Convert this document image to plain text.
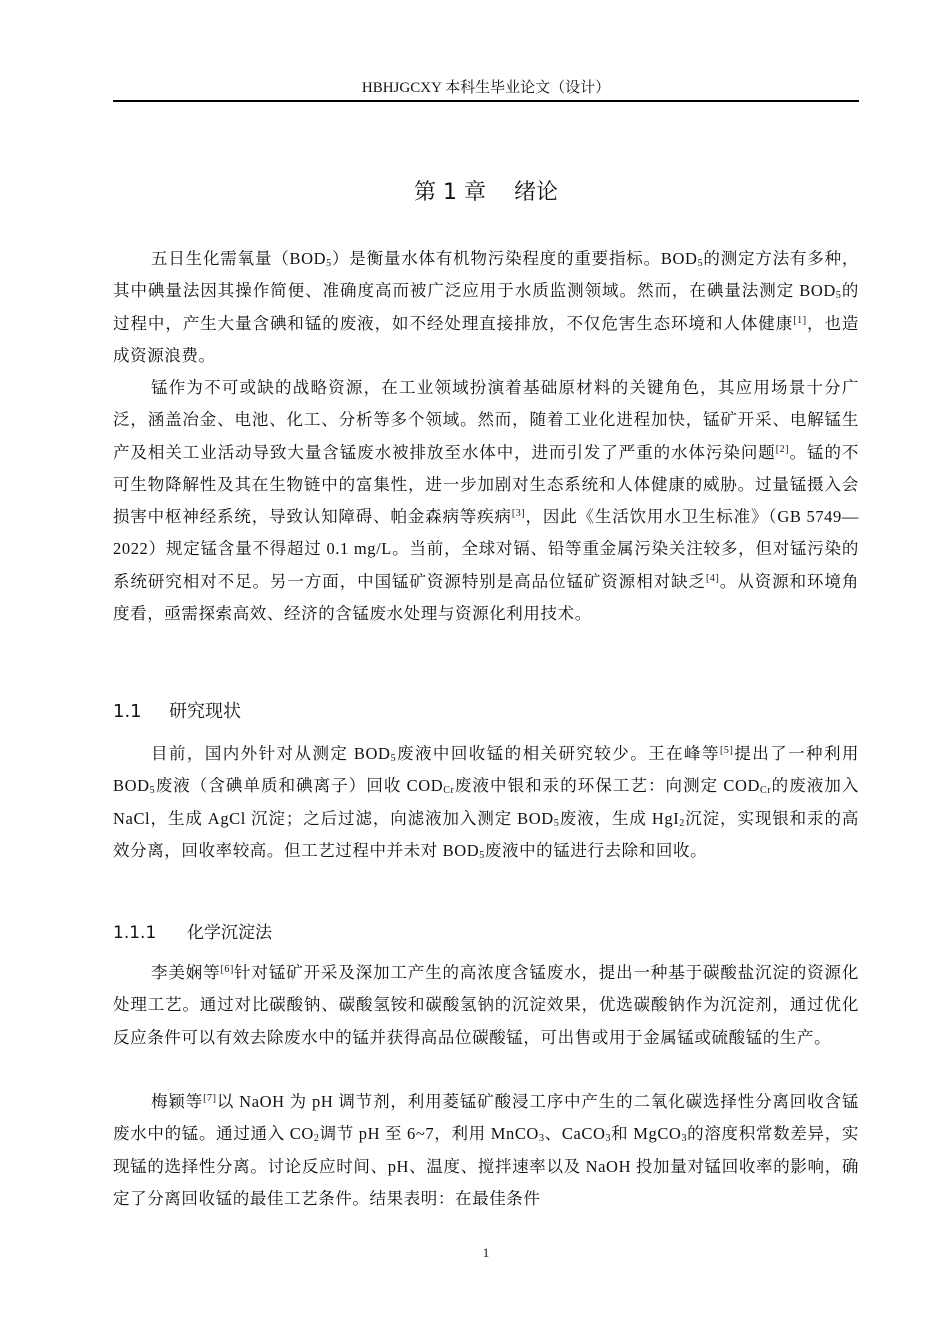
HBHJGCXY 本科生毕业论文（设计）
第 1 章 绪论

五日生化需氧量$(BOD_5)$是衡量水体有机物污染程度的重要指标。$BOD_5$的测定方法有多种，其中碘量法因其操作简便、准确度高而被广泛应用于水质监测领域。然而，在碘量法测定 $BOD_5$的过程中，产生大量含碘和锰的废液，如不经处理直接排放，不仅危害生态环境和人体健康[1]，也造成资源浪费。

锰作为不可或缺的战略资源，在工业领域扮演着基础原材料的关键角色，其应用场景十分广泛，涵盖冶金、电池、化工、分析等多个领域。然而，随着工业化进程加快，锰矿开采、电解锰生产及相关工业活动导致大量含锰废水被排放至水体中，进而引发了严重的水体污染问题[2]。锰的不可生物降解性及其在生物链中的富集性，进一步加剧对生态系统和人体健康的威胁。过量锰摄入会损害中枢神经系统，导致认知障碍、帕金森病等疾病[3]，因此《生活饮用水卫生标准》（GB 5749—2022）规定锰含量不得超过 0.1 mg/L。当前，全球对镉、铅等重金属污染关注较多，但对锰污染的系统研究相对不足。另一方面，中国锰矿资源特别是高品位锰矿资源相对缺乏[4]。从资源和环境角度看，亟需探索高效、经济的含锰废水处理与资源化利用技术。

1.1 研究现状

目前，国内外针对从测定 $BOD_5$废液中回收锰的相关研究较少。王在峰等[5]提出了一种利用 $BOD_5$废液（含碘单质和碘离子）回收 $COD_{Cr}$废液中银和汞的环保工艺：向测定 $COD_{Cr}$的废液加入 NaCl，生成 AgCl 沉淀；之后过滤，向滤液加入测定 $BOD_5$废液，生成 HgI$_2$沉淀，实现银和汞的高效分离，回收率较高。但工艺过程中并未对 $BOD_5$废液中的锰进行去除和回收。

1.1.1 化学沉淀法

李美娴等[6]针对锰矿开采及深加工产生的高浓度含锰废水，提出一种基于碳酸盐沉淀的资源化处理工艺。通过对比碳酸钠、碳酸氢铵和碳酸氢钠的沉淀效果，优选碳酸钠作为沉淀剂，通过优化反应条件可以有效去除废水中的锰并获得高品位碳酸锰，可出售或用于金属锰或硫酸锰的生产。

梅颖等[7]以 NaOH 为 pH 调节剂，利用菱锰矿酸浸工序中产生的二氧化碳选择性分离回收含锰废水中的锰。通过通入 $CO_2$调节 pH 至 6~7，利用 MnCO$_3$、CaCO$_3$和 MgCO$_3$的溶度积常数差异，实现锰的选择性分离。讨论反应时间、pH、温度、搅拌速率以及 NaOH 投加量对锰回收率的影响，确定了分离回收锰的最佳工艺条件。结果表明：在最佳条件

1
